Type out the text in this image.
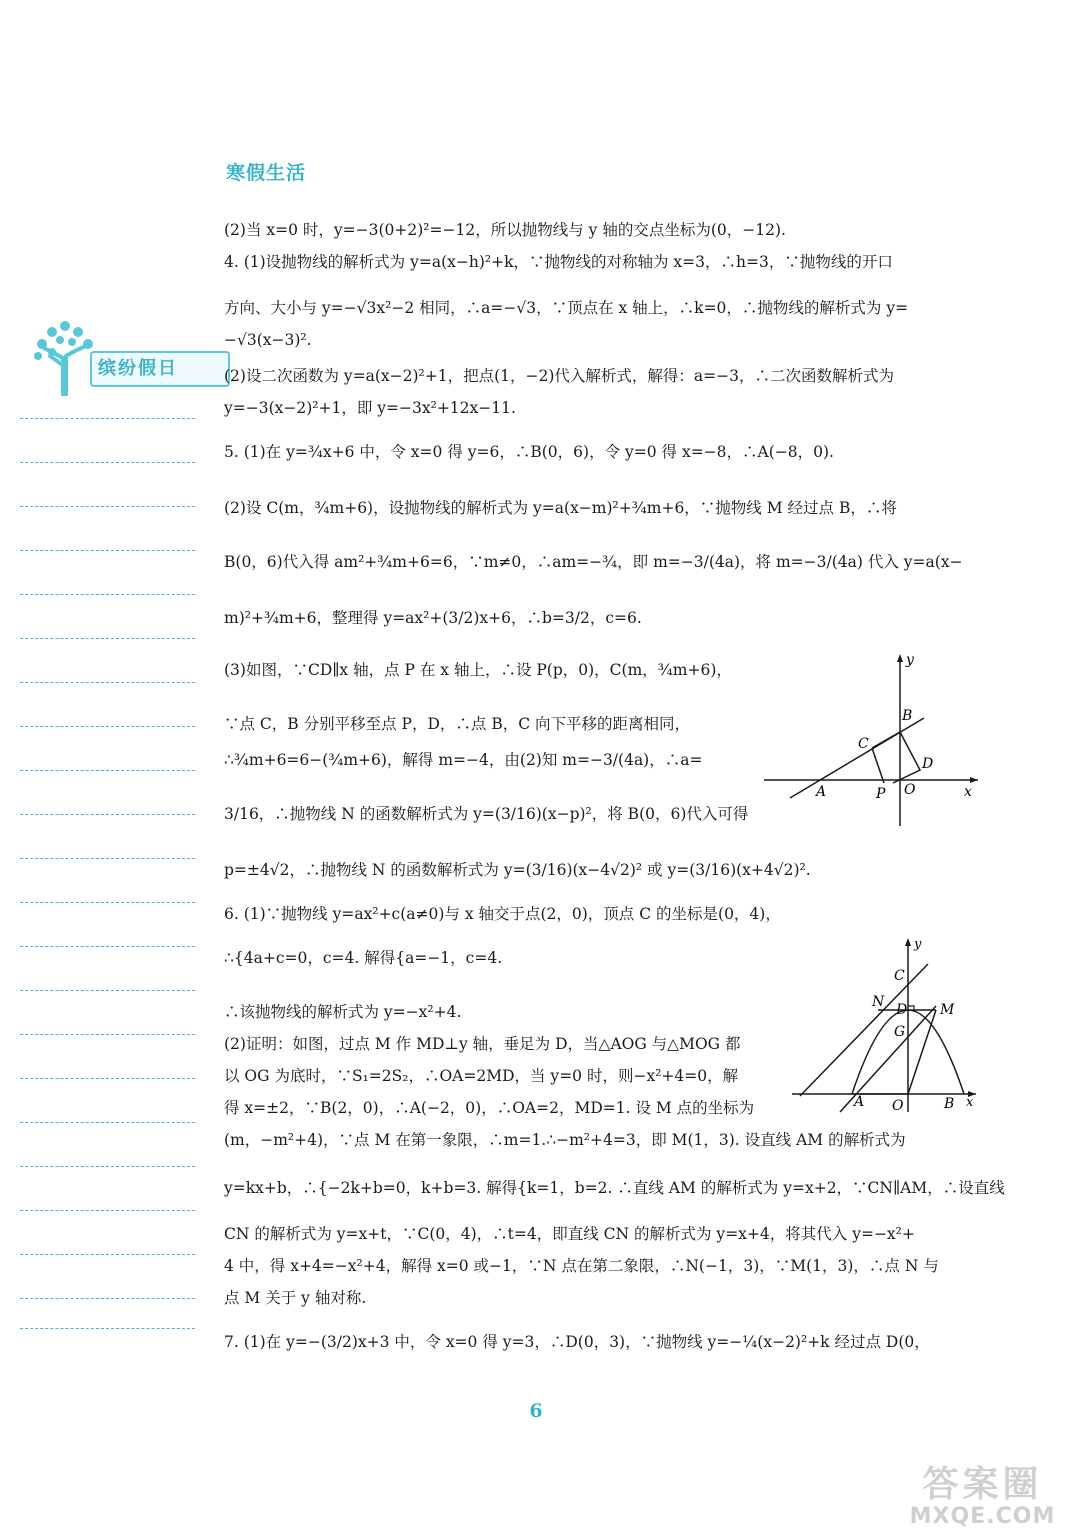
寒假生活
缤纷假日
(2)当 x=0 时，y=−3(0+2)²=−12，所以抛物线与 y 轴的交点坐标为(0，−12).
4. (1)设抛物线的解析式为 y=a(x−h)²+k，∵抛物线的对称轴为 x=3，∴h=3，∵抛物线的开口
方向、大小与 y=−√3x²−2 相同，∴a=−√3，∵顶点在 x 轴上，∴k=0，∴抛物线的解析式为 y=
−√3(x−3)².
(2)设二次函数为 y=a(x−2)²+1，把点(1，−2)代入解析式，解得：a=−3，∴二次函数解析式为
y=−3(x−2)²+1，即 y=−3x²+12x−11.
5. (1)在 y=¾x+6 中，令 x=0 得 y=6，∴B(0，6)，令 y=0 得 x=−8，∴A(−8，0).
(2)设 C(m，¾m+6)，设抛物线的解析式为 y=a(x−m)²+¾m+6，∵抛物线 M 经过点 B，∴将
B(0，6)代入得 am²+¾m+6=6，∵m≠0，∴am=−¾，即 m=−3/(4a)，将 m=−3/(4a) 代入 y=a(x−
m)²+¾m+6，整理得 y=ax²+(3/2)x+6，∴b=3/2，c=6.
(3)如图，∵CD∥x 轴，点 P 在 x 轴上，∴设 P(p，0)，C(m，¾m+6)，
∵点 C，B 分别平移至点 P，D，∴点 B，C 向下平移的距离相同，
∴¾m+6=6−(¾m+6)，解得 m=−4，由(2)知 m=−3/(4a)，∴a=
3/16，∴抛物线 N 的函数解析式为 y=(3/16)(x−p)²，将 B(0，6)代入可得
p=±4√2，∴抛物线 N 的函数解析式为 y=(3/16)(x−4√2)² 或 y=(3/16)(x+4√2)².
6. (1)∵抛物线 y=ax²+c(a≠0)与 x 轴交于点(2，0)，顶点 C 的坐标是(0，4)，
∴{4a+c=0，c=4. 解得{a=−1，c=4.
∴该抛物线的解析式为 y=−x²+4.
(2)证明：如图，过点 M 作 MD⊥y 轴，垂足为 D，当△AOG 与△MOG 都
以 OG 为底时，∵S₁=2S₂，∴OA=2MD，当 y=0 时，则−x²+4=0，解
得 x=±2，∵B(2，0)，∴A(−2，0)，∴OA=2，MD=1. 设 M 点的坐标为
(m，−m²+4)，∵点 M 在第一象限，∴m=1.∴−m²+4=3，即 M(1，3). 设直线 AM 的解析式为
y=kx+b，∴{−2k+b=0，k+b=3. 解得{k=1，b=2. ∴直线 AM 的解析式为 y=x+2，∵CN∥AM，∴设直线
CN 的解析式为 y=x+t，∵C(0，4)，∴t=4，即直线 CN 的解析式为 y=x+4，将其代入 y=−x²+
4 中，得 x+4=−x²+4，解得 x=0 或−1，∵N 点在第二象限，∴N(−1，3)，∵M(1，3)，∴点 N 与
点 M 关于 y 轴对称.
7. (1)在 y=−(3/2)x+3 中，令 x=0 得 y=3，∴D(0，3)，∵抛物线 y=−¼(x−2)²+k 经过点 D(0，
y
B
C
D
A	P O	x
y
C
N D M
G
A O	B x
6
答案圈
MXQE.COM
